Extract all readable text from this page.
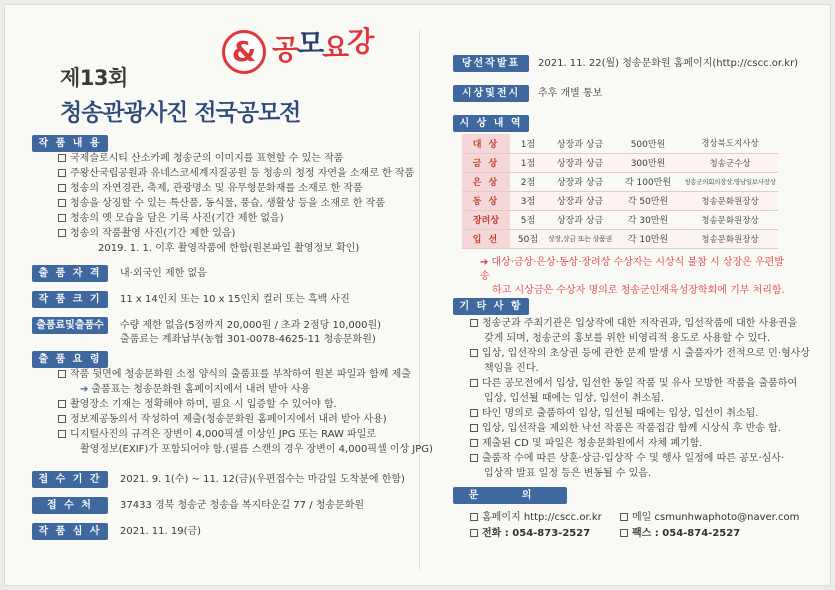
제13회
청송관광사진 전국공모전
& 공모요강
작 품 내 용
국제슬로시티 산소카페 청송군의 이미지를 표현할 수 있는 작품
주왕산국립공원과 유네스코세계지질공원 등 청송의 청정 자연을 소재로 한 작품
청송의 자연경관, 축제, 관광명소 및 유무형문화재를 소재로 한 작품
청송을 상징할 수 있는 특산품, 동식물, 풍습, 생활상 등을 소재로 한 작품
청송의 옛 모습을 담은 기록 사진(기간 제한 없음)
청송의 작품촬영 사진(기간 제한 있음)
2019. 1. 1. 이후 촬영작품에 한함(원본파일 촬영정보 확인)
출 품 자 격	내·외국인 제한 없음
작 품 크 기	11 x 14인치 또는 10 x 15인치 컬러 또는 흑백 사진
출품료및출품수	수량 제한 없음(5점까지 20,000원 / 초과 2점당 10,000원)
출품료는 계좌납부(농협 301-0078-4625-11 청송문화원)
출 품 요 령
작품 뒷면에 청송문화원 소정 양식의 출품표를 부착하여 원본 파일과 함께 제출
➔ 출품표는 청송문화원 홈페이지에서 내려 받아 사용
촬영장소 기재는 정확해야 하며, 필요 시 입증할 수 있어야 함.
정보제공동의서 작성하여 제출(청송문화원 홈페이지에서 내려 받아 사용)
디지털사진의 규격은 장변이 4,000픽셀 이상인 JPG 또는 RAW 파일로
촬영정보(EXIF)가 포함되어야 함.(필름 스캔의 경우 장변이 4,000픽셀 이상 JPG)
접 수 기 간	2021. 9. 1(수) ~ 11. 12(금)(우편접수는 마감일 도착분에 한함)
접 수 처	37433 경북 청송군 청송읍 복지타운길 77 / 청송문화원
작 품 심 사	2021. 11. 19(금)
당선작발표	2021. 11. 22(월) 청송문화원 홈페이지(http://cscc.or.kr)
시상및전시	추후 개별 통보
시 상 내 역
대 상	1점	상장과 상금	500만원	경상북도지사상
금 상	1점	상장과 상금	300만원	청송군수상
은 상	2점	상장과 상금	각 100만원	청송군의회의장상,영남일보사장상
동 상	3점	상장과 상금	각 50만원	청송문화원장상
장려상	5점	상장과 상금	각 30만원	청송문화원장상
입 선	50점	상장,상금 또는 상품권	각 10만원	청송문화원장상
➔ 대상·금상·은상·동상·장려상 수상자는 시상식 불참 시 상장은 우편발송
하고 시상금은 수상자 명의로 청송군인재육성장학회에 기부 처리함.
기 타 사 항
청송군과 주최기관은 입상작에 대한 저작권과, 입선작품에 대한 사용권을
갖게 되며, 청송군의 홍보를 위한 비영리적 용도로 사용할 수 있다.
입상, 입선작의 초상권 등에 관한 문제 발생 시 출품자가 전적으로 민·형사상
책임을 진다.
다른 공모전에서 입상, 입선한 동일 작품 및 유사 모방한 작품을 출품하여
입상, 입선될 때에는 입상, 입선이 취소됨.
타인 명의로 출품하여 입상, 입선될 때에는 입상, 입선이 취소됨.
입상, 입선작을 제외한 낙선 작품은 작품접감 함께 시상식 후 반송 함.
제출된 CD 및 파일은 청송문화원에서 자체 폐기함.
출품작 수에 따른 상훈·상금·입상작 수 및 행사 일정에 따른 공모·심사·
입상작 발표 일정 등은 변동될 수 있음.
문 의
홈페이지 http://cscc.or.kr	메일 csmunhwaphoto@naver.com
전화 : 054-873-2527	팩스 : 054-874-2527
